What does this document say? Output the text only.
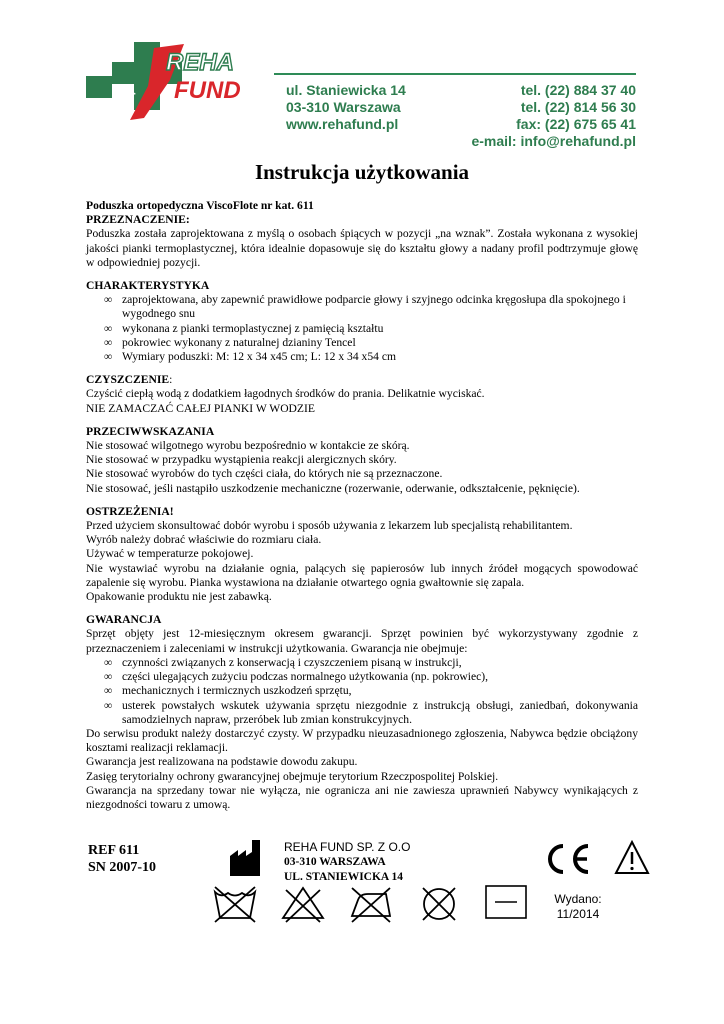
REHA
FUND	ul. Staniewicka 14
03-310 Warszawa
www.rehafund.pl
tel. (22) 884 37 40
tel. (22) 814 56 30
fax: (22) 675 65 41
e-mail: info@rehafund.pl
Instrukcja użytkowania

Poduszka ortopedyczna ViscoFlote nr kat. 611

PRZEZNACZENIE:

Poduszka została zaprojektowana z myślą o osobach śpiących w pozycji „na wznak”. Została wykonana z wysokiej jakości pianki termoplastycznej, która idealnie dopasowuje się do kształtu głowy a nadany profil podtrzymuje głowę w odpowiedniej pozycji.

CHARAKTERYSTYKA

∞ zaprojektowana, aby zapewnić prawidłowe podparcie głowy i szyjnego odcinka kręgosłupa dla spokojnego i wygodnego snu
∞ wykonana z pianki termoplastycznej z pamięcią kształtu
∞ pokrowiec wykonany z naturalnej dzianiny Tencel
∞ Wymiary poduszki: M: 12 x 34 x45 cm; L: 12 x 34 x54 cm

CZYSZCZENIE:

Czyścić ciepłą wodą z dodatkiem łagodnych środków do prania. Delikatnie wyciskać.

NIE ZAMACZAĆ CAŁEJ PIANKI W WODZIE

PRZECIWWSKAZANIA

Nie stosować wilgotnego wyrobu bezpośrednio w kontakcie ze skórą.

Nie stosować w przypadku wystąpienia reakcji alergicznych skóry.

Nie stosować wyrobów do tych części ciała, do których nie są przeznaczone.

Nie stosować, jeśli nastąpiło uszkodzenie mechaniczne (rozerwanie, oderwanie, odkształcenie, pęknięcie).

OSTRZEŻENIA!

Przed użyciem skonsultować dobór wyrobu i sposób używania z lekarzem lub specjalistą rehabilitantem.

Wyrób należy dobrać właściwie do rozmiaru ciała.

Używać w temperaturze pokojowej.

Nie wystawiać wyrobu na działanie ognia, palących się papierosów lub innych źródeł mogących spowodować zapalenie się wyrobu. Pianka wystawiona na działanie otwartego ognia gwałtownie się zapala.

Opakowanie produktu nie jest zabawką.

GWARANCJA

Sprzęt objęty jest 12-miesięcznym okresem gwarancji. Sprzęt powinien być wykorzystywany zgodnie z przeznaczeniem i zaleceniami w instrukcji użytkowania. Gwarancja nie obejmuje:

∞ czynności związanych z konserwacją i czyszczeniem pisaną w instrukcji,
∞ części ulegających zużyciu podczas normalnego użytkowania (np. pokrowiec),
∞ mechanicznych i termicznych uszkodzeń sprzętu,
∞ usterek powstałych wskutek używania sprzętu niezgodnie z instrukcją obsługi, zaniedbań, dokonywania samodzielnych napraw, przeróbek lub zmian konstrukcyjnych.

Do serwisu produkt należy dostarczyć czysty. W przypadku nieuzasadnionego zgłoszenia, Nabywca będzie obciążony kosztami realizacji reklamacji.

Gwarancja jest realizowana na podstawie dowodu zakupu.

Zasięg terytorialny ochrony gwarancyjnej obejmuje terytorium Rzeczpospolitej Polskiej.

Gwarancja na sprzedany towar nie wyłącza, nie ogranicza ani nie zawiesza uprawnień Nabywcy wynikających z niezgodności towaru z umową.

REF 611
SN 2007-10
REHA FUND SP. Z O.O
03-310 WARSZAWA
UL. STANIEWICKA 14
Wydano:
11/2014
